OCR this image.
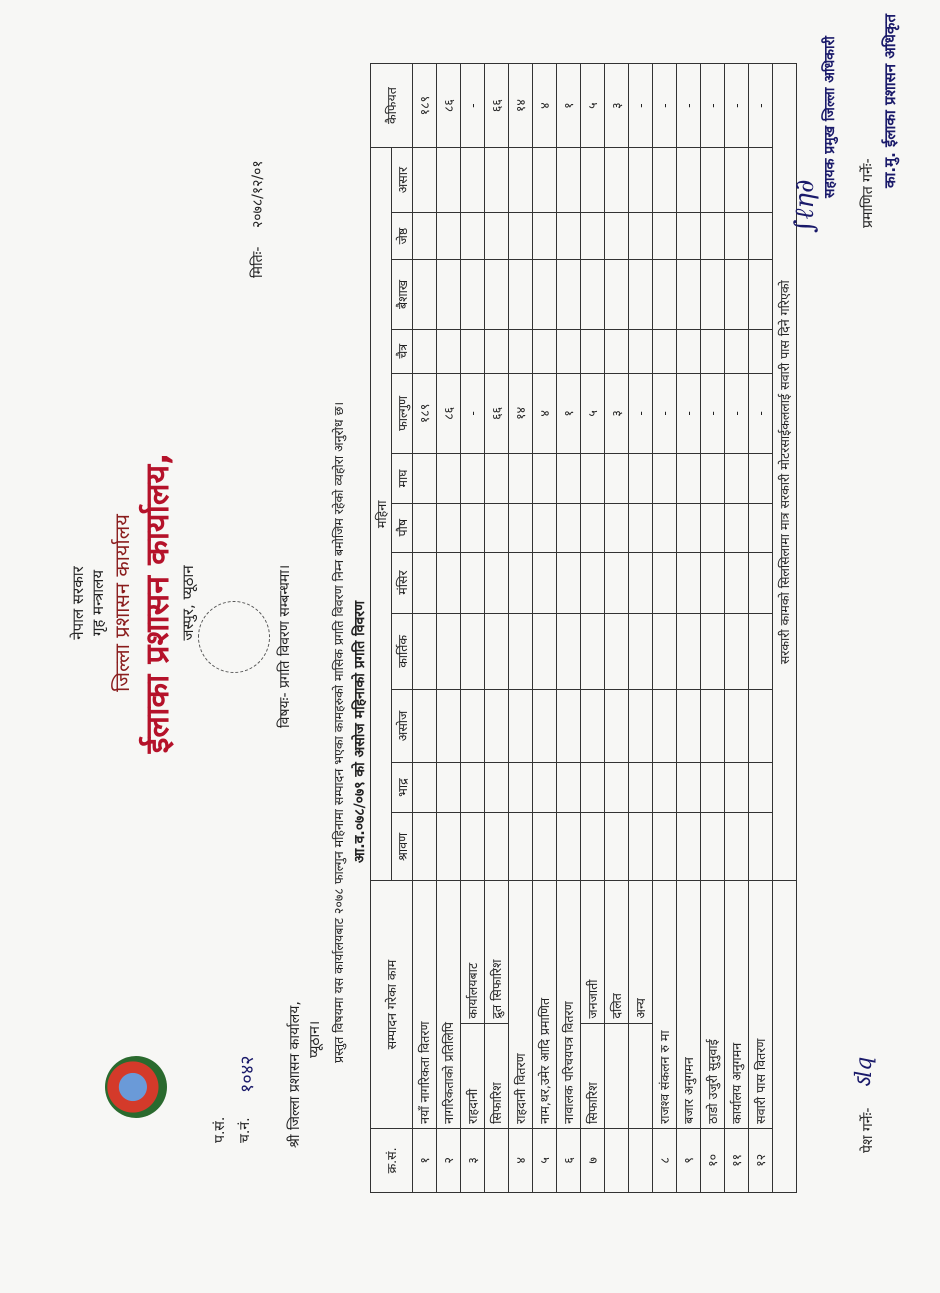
नेपाल सरकार गृह मन्त्रालय जिल्ला प्रशासन कार्यालय ईलाका प्रशासन कार्यालय, जस्पुर, प्यूठान
प.सं. च.नं.
१०४२
मितिः-
२०७८/१२/०१
श्री जिल्ला प्रशासन कार्यालय, प्यूठान।
विषयः- प्रगति विवरण सम्बन्धमा।	प्रस्तुत विषयमा यस कार्यालयबाट २०७८ फाल्गुन महिनामा सम्पादन भएका कामहरुको मासिक प्रगति विवरण निम्न बमोजिम रहेको व्यहोरा अनुरोध छ। आ.व.०७८/०७९ को असोज महिनाको प्रगति विवरण
क्र.सं.	सम्पादन गरेका काम		महिना												कैफियत
			श्रावण	भाद्र	असोज	कार्तिक	मंसिर	पौष	माघ	फाल्गुण	चैत्र	बैशाख	जेष्ठ	असार	
१	नयाँ नागरिकता वितरण									१८९					१८९
२	नागरिकताको प्रतिलिपि									८६					८६
३	राहदानी	कार्यालयबाट								-					-
	सिफारिश	द्रुत सिफारिश								६६					६६
४	राहदानी वितरण									१४					१४
५	नाम,थर,उमेर आदि प्रमाणित									४					४
६	नावालक परिचयपत्र वितरण									१					१
७	सिफारिश	जनजाती								५					५
		दलित								३					३
		अन्य								-					-
८	राजश्व संकलन रु मा									-					-
९	बजार अनुगमन									-					-
१०	ठाडो उजुरी सुनुवाई									-					-
११	कार्यालय अनुगमन									-					-
१२	सवारी पास वितरण									-					-
			सरकारी कामको सिलसिलामा मात्र सरकारी मोटरसाईकललाई सवारी पास दिने गरिएको												
पेश गर्नेः-
ऽlq
प्रमाणित गर्नेः-
∫ℓη∂
सहायक प्रमुख जिल्ला अधिकारी	का.मु. ईलाका प्रशासन अधिकृत
